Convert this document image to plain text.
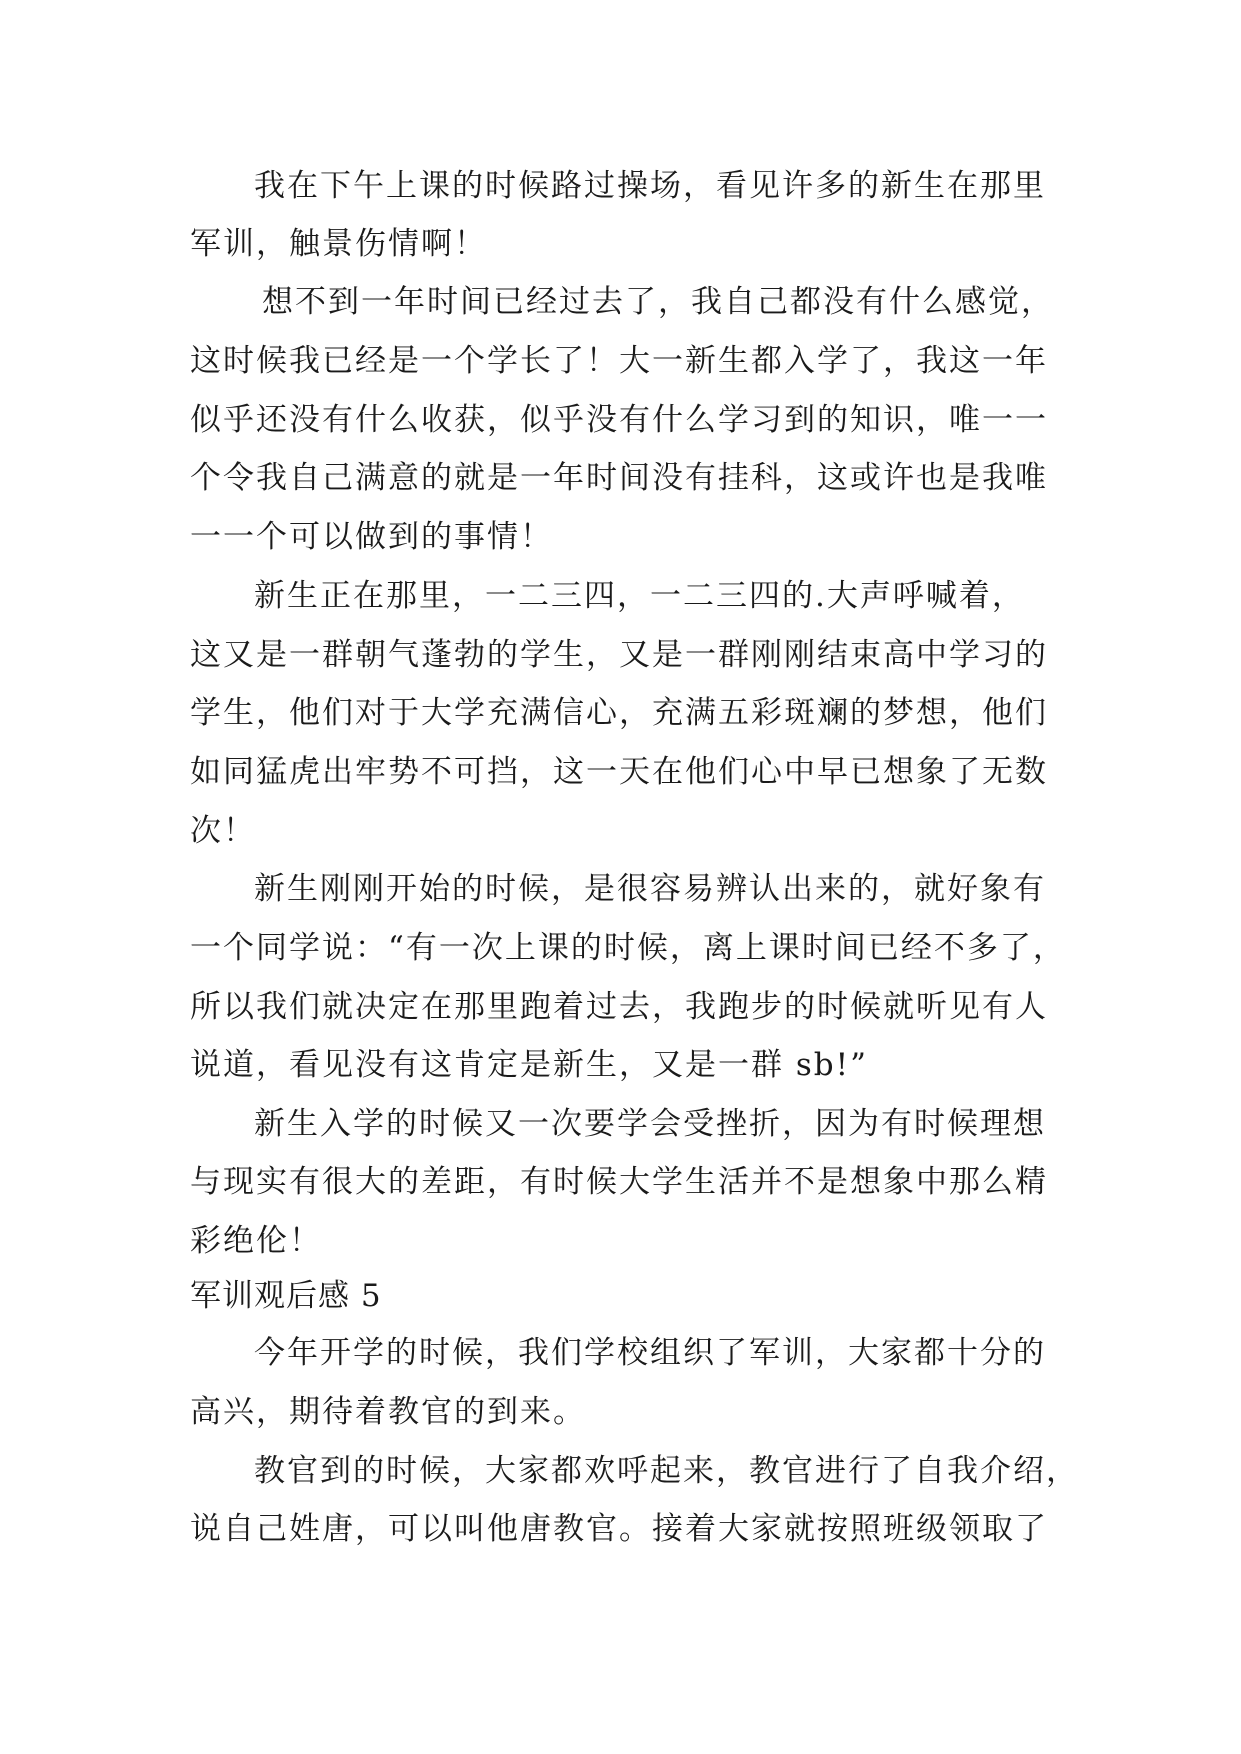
我在下午上课的时候路过操场，看见许多的新生在那里
军训，触景伤情啊！
想不到一年时间已经过去了，我自己都没有什么感觉，
这时候我已经是一个学长了！大一新生都入学了，我这一年
似乎还没有什么收获，似乎没有什么学习到的知识，唯一一
个令我自己满意的就是一年时间没有挂科，这或许也是我唯
一一个可以做到的事情！
新生正在那里，一二三四，一二三四的.大声呼喊着，
这又是一群朝气蓬勃的学生，又是一群刚刚结束高中学习的
学生，他们对于大学充满信心，充满五彩斑斓的梦想，他们
如同猛虎出牢势不可挡，这一天在他们心中早已想象了无数
次！
新生刚刚开始的时候，是很容易辨认出来的，就好象有
一个同学说：“有一次上课的时候，离上课时间已经不多了，
所以我们就决定在那里跑着过去，我跑步的时候就听见有人
说道，看见没有这肯定是新生，又是一群 sb!”
新生入学的时候又一次要学会受挫折，因为有时候理想
与现实有很大的差距，有时候大学生活并不是想象中那么精
彩绝伦！
军训观后感 5
今年开学的时候，我们学校组织了军训，大家都十分的
高兴，期待着教官的到来。
教官到的时候，大家都欢呼起来，教官进行了自我介绍，
说自己姓唐，可以叫他唐教官。接着大家就按照班级领取了
